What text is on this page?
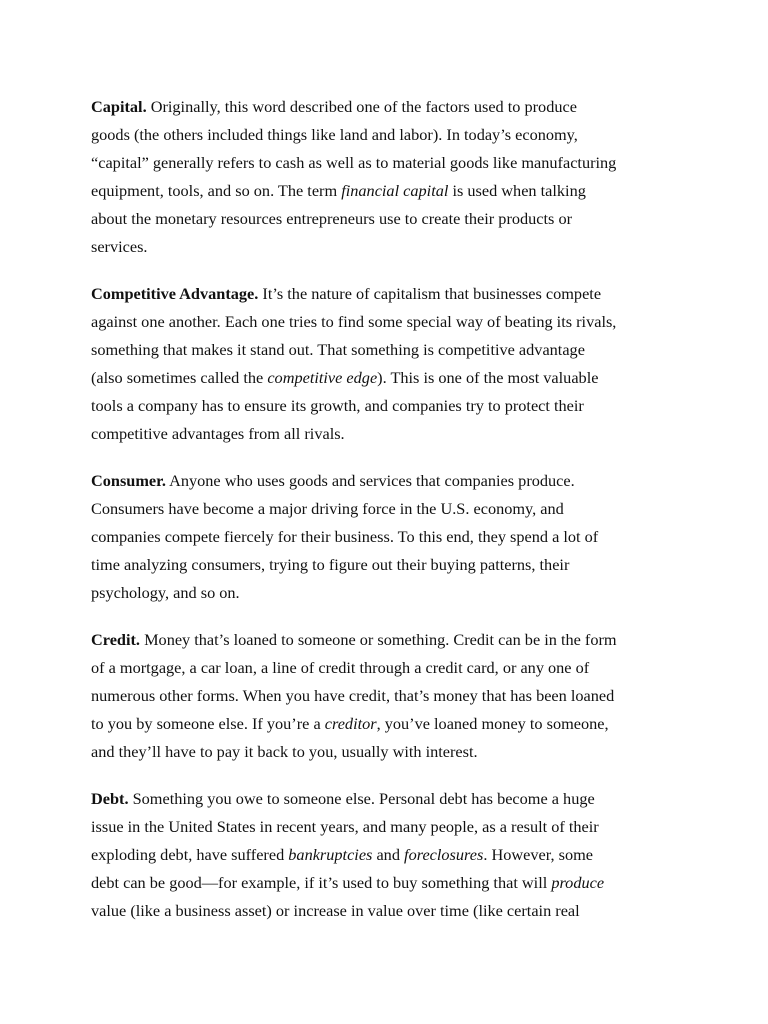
Capital. Originally, this word described one of the factors used to produce
goods (the others included things like land and labor). In today’s economy,
“capital” generally refers to cash as well as to material goods like manufacturing
equipment, tools, and so on. The term financial capital is used when talking
about the monetary resources entrepreneurs use to create their products or
services.
Competitive Advantage. It’s the nature of capitalism that businesses compete
against one another. Each one tries to find some special way of beating its rivals,
something that makes it stand out. That something is competitive advantage
(also sometimes called the competitive edge). This is one of the most valuable
tools a company has to ensure its growth, and companies try to protect their
competitive advantages from all rivals.
Consumer. Anyone who uses goods and services that companies produce.
Consumers have become a major driving force in the U.S. economy, and
companies compete fiercely for their business. To this end, they spend a lot of
time analyzing consumers, trying to figure out their buying patterns, their
psychology, and so on.
Credit. Money that’s loaned to someone or something. Credit can be in the form
of a mortgage, a car loan, a line of credit through a credit card, or any one of
numerous other forms. When you have credit, that’s money that has been loaned
to you by someone else. If you’re a creditor, you’ve loaned money to someone,
and they’ll have to pay it back to you, usually with interest.
Debt. Something you owe to someone else. Personal debt has become a huge
issue in the United States in recent years, and many people, as a result of their
exploding debt, have suffered bankruptcies and foreclosures. However, some
debt can be good—for example, if it’s used to buy something that will produce
value (like a business asset) or increase in value over time (like certain real
